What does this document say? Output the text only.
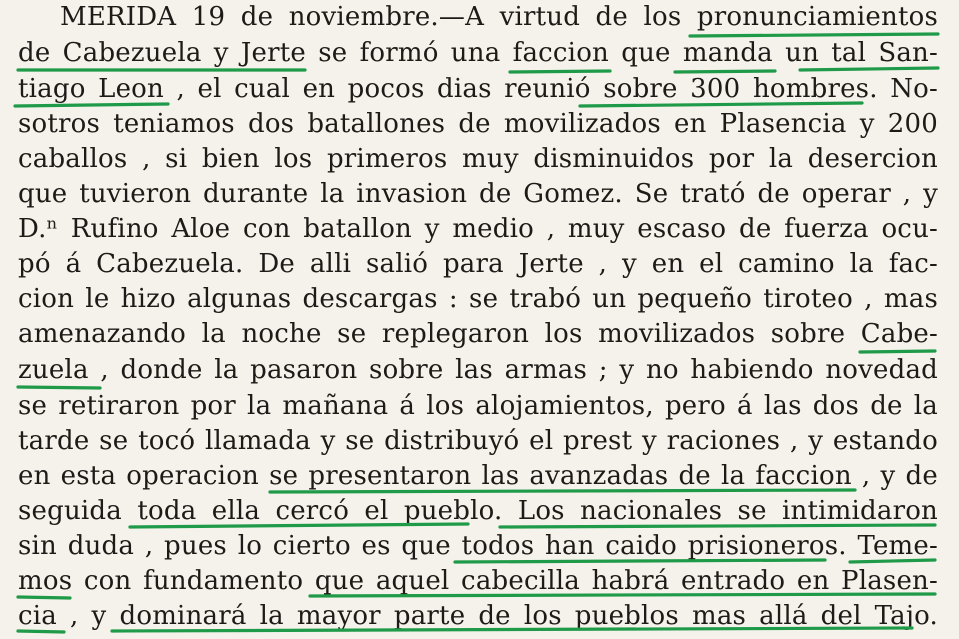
MERIDA 19 de noviembre.—A virtud de los pronunciamientos

de Cabezuela y Jerte se formó una faccion que manda un tal San-

tiago Leon , el cual en pocos dias reunió sobre 300 hombres. No-

sotros teniamos dos batallones de movilizados en Plasencia y 200

caballos , si bien los primeros muy disminuidos por la desercion

que tuvieron durante la invasion de Gomez. Se trató de operar , y

D.ⁿ Rufino Aloe con batallon y medio , muy escaso de fuerza ocu-

pó á Cabezuela. De alli salió para Jerte , y en el camino la fac-

cion le hizo algunas descargas : se trabó un pequeño tiroteo , mas

amenazando la noche se replegaron los movilizados sobre Cabe-

zuela , donde la pasaron sobre las armas ; y no habiendo novedad

se retiraron por la mañana á los alojamientos, pero á las dos de la

tarde se tocó llamada y se distribuyó el prest y raciones , y estando

en esta operacion se presentaron las avanzadas de la faccion , y de

seguida toda ella cercó el pueblo. Los nacionales se intimidaron

sin duda , pues lo cierto es que todos han caido prisioneros. Teme-

mos con fundamento que aquel cabecilla habrá entrado en Plasen-

cia , y dominará la mayor parte de los pueblos mas allá del Tajo.
